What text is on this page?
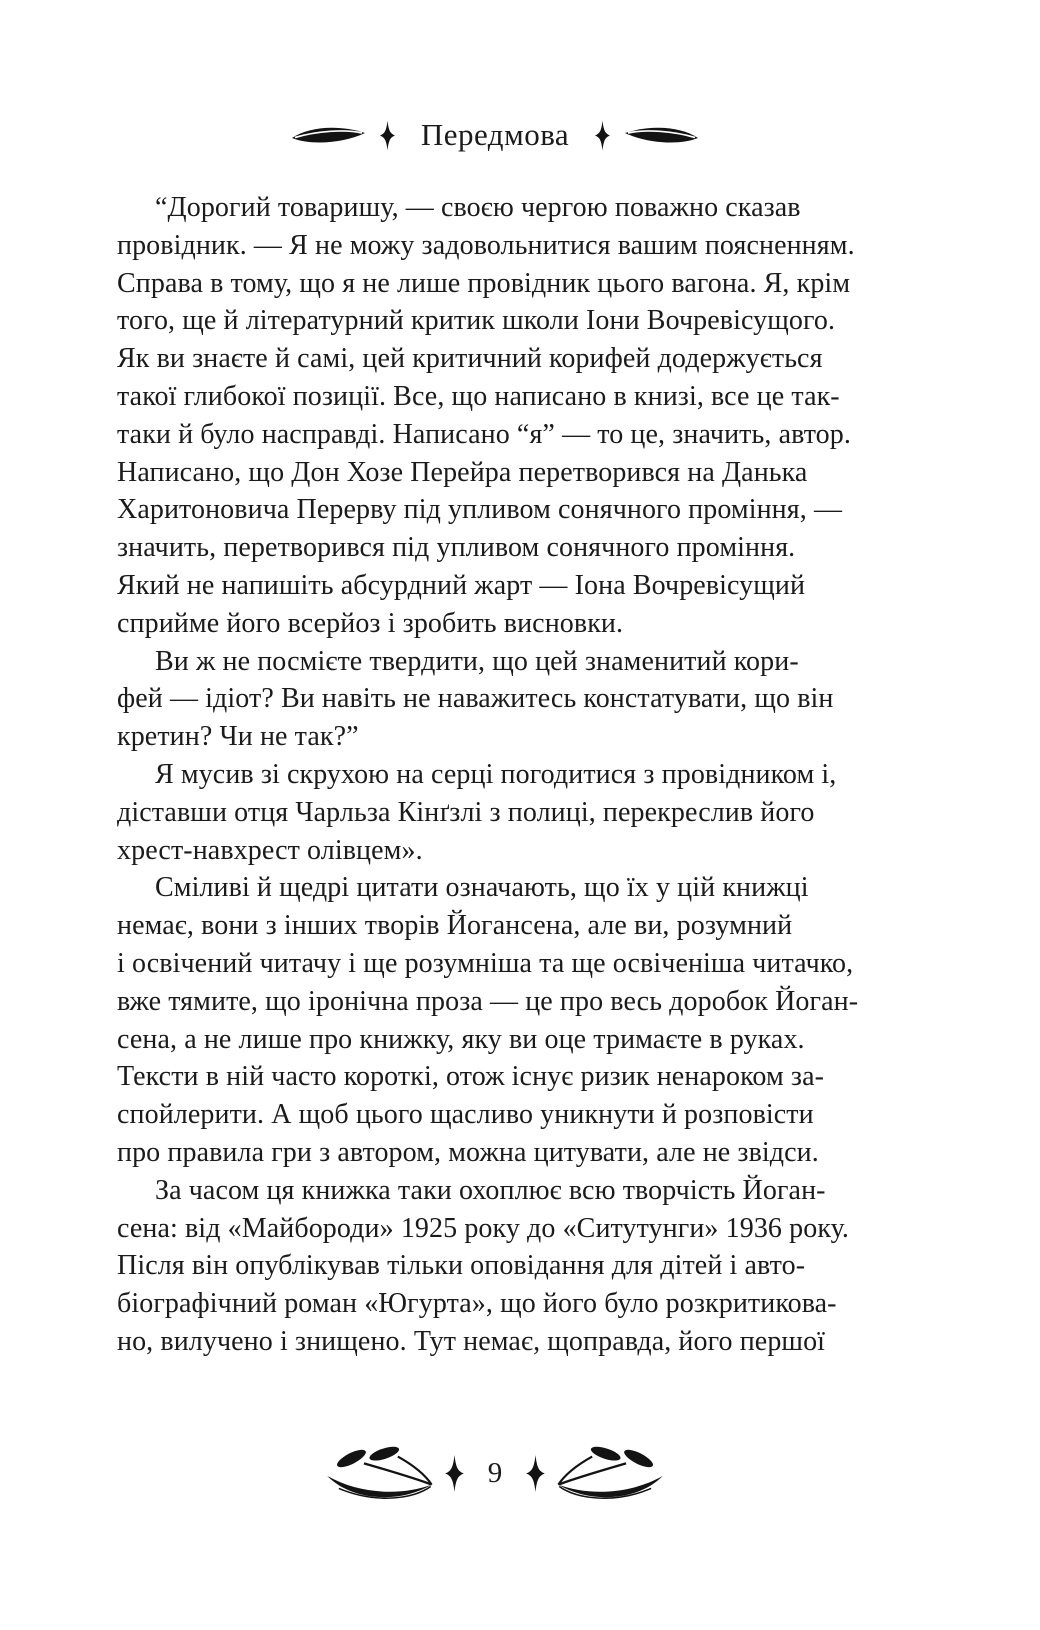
Передмова
“Дорогий товаришу, — своєю чергою поважно сказав
провідник. — Я не можу задовольнитися вашим поясненням.
Справа в тому, що я не лише провідник цього вагона. Я, крім
того, ще й літературний критик школи Іони Вочревісущого.
Як ви знаєте й самі, цей критичний корифей додержується
такої глибокої позиції. Все, що написано в книзі, все це так-
таки й було насправді. Написано “я” — то це, значить, автор.
Написано, що Дон Хозе Перейра перетворився на Данька
Харитоновича Перерву під упливом сонячного проміння, —
значить, перетворився під упливом сонячного проміння.
Який не напишіть абсурдний жарт — Іона Вочревісущий
сприйме його всерйоз і зробить висновки.
Ви ж не посмієте твердити, що цей знаменитий кори-
фей — ідіот? Ви навіть не наважитесь констатувати, що він
кретин? Чи не так?”
Я мусив зі скрухою на серці погодитися з провідником і,
діставши отця Чарльза Кінґзлі з полиці, перекреслив його
хрест-навхрест олівцем».
Сміливі й щедрі цитати означають, що їх у цій книжці
немає, вони з інших творів Йогансена, але ви, розумний
і освічений читачу і ще розумніша та ще освіченіша читачко,
вже тямите, що іронічна проза — це про весь доробок Йоган-
сена, а не лише про книжку, яку ви оце тримаєте в руках.
Тексти в ній часто короткі, отож існує ризик ненароком за-
спойлерити. А щоб цього щасливо уникнути й розповісти
про правила гри з автором, можна цитувати, але не звідси.
За часом ця книжка таки охоплює всю творчість Йоган-
сена: від «Майбороди» 1925 року до «Ситутунги» 1936 року.
Після він опублікував тільки оповідання для дітей і авто-
біографічний роман «Югурта», що його було розкритикова-
но, вилучено і знищено. Тут немає, щоправда, його першої
9
